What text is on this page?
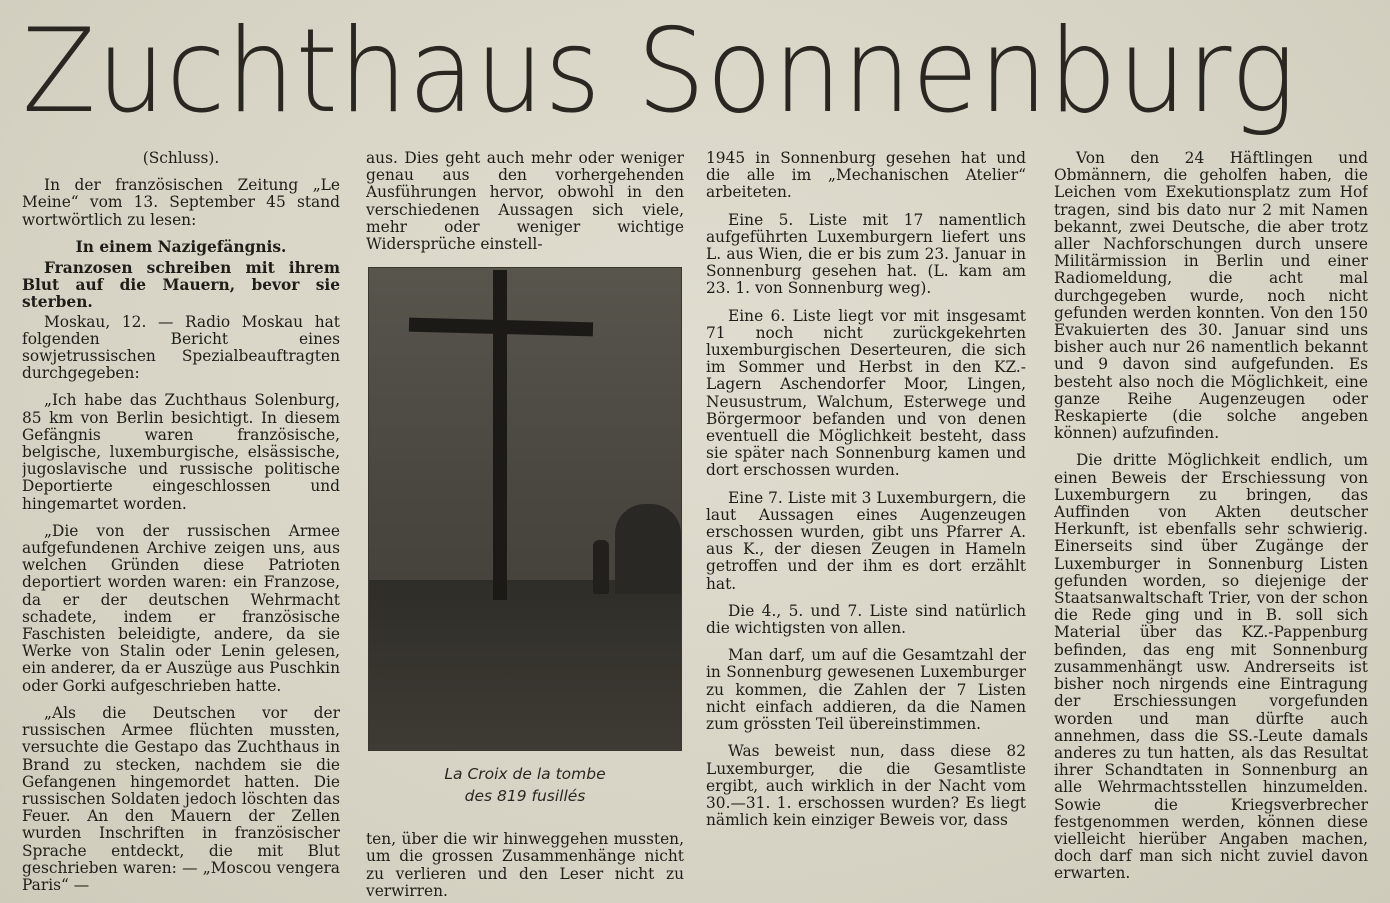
Zuchthaus Sonnenburg

(Schluss).

In der französischen Zeitung „Le Meine“ vom 13. September 45 stand wortwörtlich zu lesen:

In einem Nazigefängnis.

Franzosen schreiben mit ihrem Blut auf die Mauern, bevor sie sterben.

Moskau, 12. — Radio Moskau hat folgenden Bericht eines sowjetrussischen Spezialbeauftragten durchgegeben:

„Ich habe das Zuchthaus Solenburg, 85 km von Berlin besichtigt. In diesem Gefängnis waren französische, belgische, luxemburgische, elsässische, jugoslavische und russische politische Deportierte eingeschlossen und hingemartet worden.

„Die von der russischen Armee aufgefundenen Archive zeigen uns, aus welchen Gründen diese Patrioten deportiert worden waren: ein Franzose, da er der deutschen Wehrmacht schadete, indem er französische Faschisten beleidigte, andere, da sie Werke von Stalin oder Lenin gelesen, ein anderer, da er Auszüge aus Puschkin oder Gorki aufgeschrieben hatte.

„Als die Deutschen vor der russischen Armee flüchten mussten, versuchte die Gestapo das Zuchthaus in Brand zu stecken, nachdem sie die Gefangenen hingemordet hatten. Die russischen Soldaten jedoch löschten das Feuer. An den Mauern der Zellen wurden Inschriften in französischer Sprache entdeckt, die mit Blut geschrieben waren: — „Moscou vengera Paris“ —

aus. Dies geht auch mehr oder weniger genau aus den vorhergehenden Ausführungen hervor, obwohl in den verschiedenen Aussagen sich viele, mehr oder weniger wichtige Widersprüche einstell-

La Croix de la tombe
des 819 fusillés

ten, über die wir hinweggehen mussten, um die grossen Zusammenhänge nicht zu verlieren und den Leser nicht zu verwirren.

1945 in Sonnenburg gesehen hat und die alle im „Mechanischen Atelier“ arbeiteten.

Eine 5. Liste mit 17 namentlich aufgeführten Luxemburgern liefert uns L. aus Wien, die er bis zum 23. Januar in Sonnenburg gesehen hat. (L. kam am 23. 1. von Sonnenburg weg).

Eine 6. Liste liegt vor mit insgesamt 71 noch nicht zurückgekehrten luxemburgischen Deserteuren, die sich im Sommer und Herbst in den KZ.-Lagern Aschendorfer Moor, Lingen, Neusustrum, Walchum, Esterwege und Börgermoor befanden und von denen eventuell die Möglichkeit besteht, dass sie später nach Sonnenburg kamen und dort erschossen wurden.

Eine 7. Liste mit 3 Luxemburgern, die laut Aussagen eines Augenzeugen erschossen wurden, gibt uns Pfarrer A. aus K., der diesen Zeugen in Hameln getroffen und der ihm es dort erzählt hat.

Die 4., 5. und 7. Liste sind natürlich die wichtigsten von allen.

Man darf, um auf die Gesamtzahl der in Sonnenburg gewesenen Luxemburger zu kommen, die Zahlen der 7 Listen nicht einfach addieren, da die Namen zum grössten Teil übereinstimmen.

Was beweist nun, dass diese 82 Luxemburger, die die Gesamtliste ergibt, auch wirklich in der Nacht vom 30.—31. 1. erschossen wurden? Es liegt nämlich kein einziger Beweis vor, dass

Von den 24 Häftlingen und Obmännern, die geholfen haben, die Leichen vom Exekutionsplatz zum Hof tragen, sind bis dato nur 2 mit Namen bekannt, zwei Deutsche, die aber trotz aller Nachforschungen durch unsere Militärmission in Berlin und einer Radiomeldung, die acht mal durchgegeben wurde, noch nicht gefunden werden konnten. Von den 150 Evakuierten des 30. Januar sind uns bisher auch nur 26 namentlich bekannt und 9 davon sind aufgefunden. Es besteht also noch die Möglichkeit, eine ganze Reihe Augenzeugen oder Reskapierte (die solche angeben können) aufzufinden.

Die dritte Möglichkeit endlich, um einen Beweis der Erschiessung von Luxemburgern zu bringen, das Auffinden von Akten deutscher Herkunft, ist ebenfalls sehr schwierig. Einerseits sind über Zugänge der Luxemburger in Sonnenburg Listen gefunden worden, so diejenige der Staatsanwaltschaft Trier, von der schon die Rede ging und in B. soll sich Material über das KZ.-Pappenburg befinden, das eng mit Sonnenburg zusammenhängt usw. Andrerseits ist bisher noch nirgends eine Eintragung der Erschiessungen vorgefunden worden und man dürfte auch annehmen, dass die SS.-Leute damals anderes zu tun hatten, als das Resultat ihrer Schandtaten in Sonnenburg an alle Wehrmachtsstellen hinzumelden. Sowie die Kriegsverbrecher festgenommen werden, können diese vielleicht hierüber Angaben machen, doch darf man sich nicht zuviel davon erwarten.
